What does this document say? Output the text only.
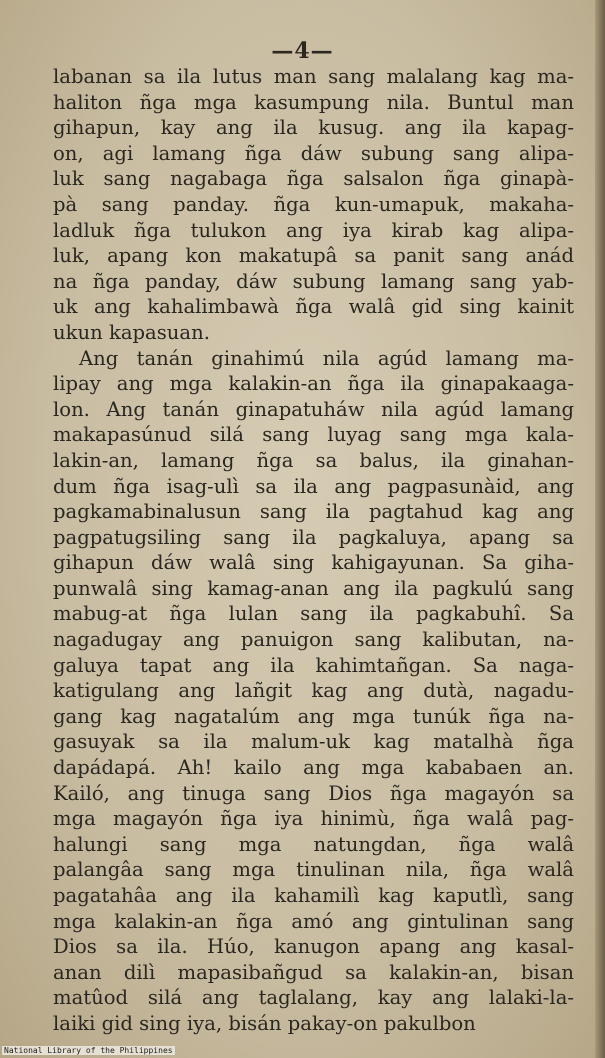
—4—
labanan sa ila lutus man sang malalang kag ma-
haliton ñga mga kasumpung nila. Buntul man
gihapun, kay ang ila kusug. ang ila kapag-
on, agi lamang ñga dáw subung sang alipa-
luk sang nagabaga ñga salsalon ñga ginapà-
pà sang panday. ñga kun-umapuk, makaha-
ladluk ñga tulukon ang iya kirab kag alipa-
luk, apang kon makatupâ sa panit sang anád
na ñga panday, dáw subung lamang sang yab-
uk ang kahalimbawà ñga walâ gid sing kainit
ukun kapasuan.
Ang tanán ginahimú nila agúd lamang ma-
lipay ang mga kalakin-an ñga ila ginapakaaga-
lon. Ang tanán ginapatuháw nila agúd lamang
makapasúnud silá sang luyag sang mga kala-
lakin-an, lamang ñga sa balus, ila ginahan-
dum ñga isag-ulì sa ila ang pagpasunàid, ang
pagkamabinalusun sang ila pagtahud kag ang
pagpatugsiling sang ila pagkaluya, apang sa
gihapun dáw walâ sing kahigayunan. Sa giha-
punwalâ sing kamag-anan ang ila pagkulú sang
mabug-at ñga lulan sang ila pagkabuhî. Sa
nagadugay ang panuigon sang kalibutan, na-
galuya tapat ang ila kahimtañgan. Sa naga-
katigulang ang lañgit kag ang dutà, nagadu-
gang kag nagatalúm ang mga tunúk ñga na-
gasuyak sa ila malum-uk kag matalhà ñga
dapádapá. Ah! kailo ang mga kababaen an.
Kailó, ang tinuga sang Dios ñga magayón sa
mga magayón ñga iya hinimù, ñga walâ pag-
halungi sang mga natungdan, ñga walâ
palangâa sang mga tinulinan nila, ñga walâ
pagatahâa ang ila kahamilì kag kaputlì, sang
mga kalakin-an ñga amó ang gintulinan sang
Dios sa ila. Húo, kanugon apang ang kasal-
anan dilì mapasibañgud sa kalakin-an, bisan
matûod silá ang taglalang, kay ang lalaki-la-
laiki gid sing iya, bisán pakay-on pakulbon
National Library of the Philippines
